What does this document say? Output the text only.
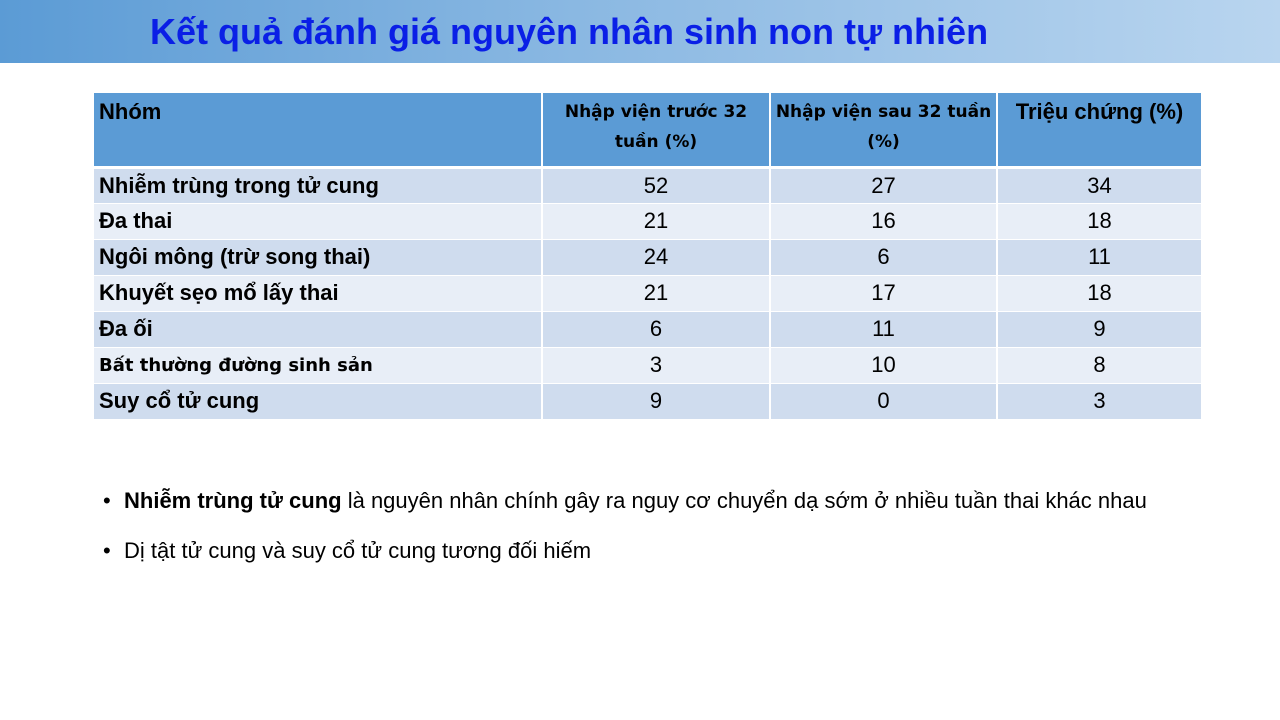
Kết quả đánh giá nguyên nhân sinh non tự nhiên
Nhóm	Nhập viện trước 32 tuần (%)	Nhập viện sau 32 tuần (%)	Triệu chứng (%)
Nhiễm trùng trong tử cung	52	27	34
Đa thai	21	16	18
Ngôi mông (trừ song thai)	24	6	11
Khuyết sẹo mổ lấy thai	21	17	18
Đa ối	6	11	9
Bất thường đường sinh sản	3	10	8
Suy cổ tử cung	9	0	3
• Nhiễm trùng tử cung là nguyên nhân chính gây ra nguy cơ chuyển dạ sớm ở nhiều tuần thai khác nhau
• Dị tật tử cung và suy cổ tử cung tương đối hiếm
